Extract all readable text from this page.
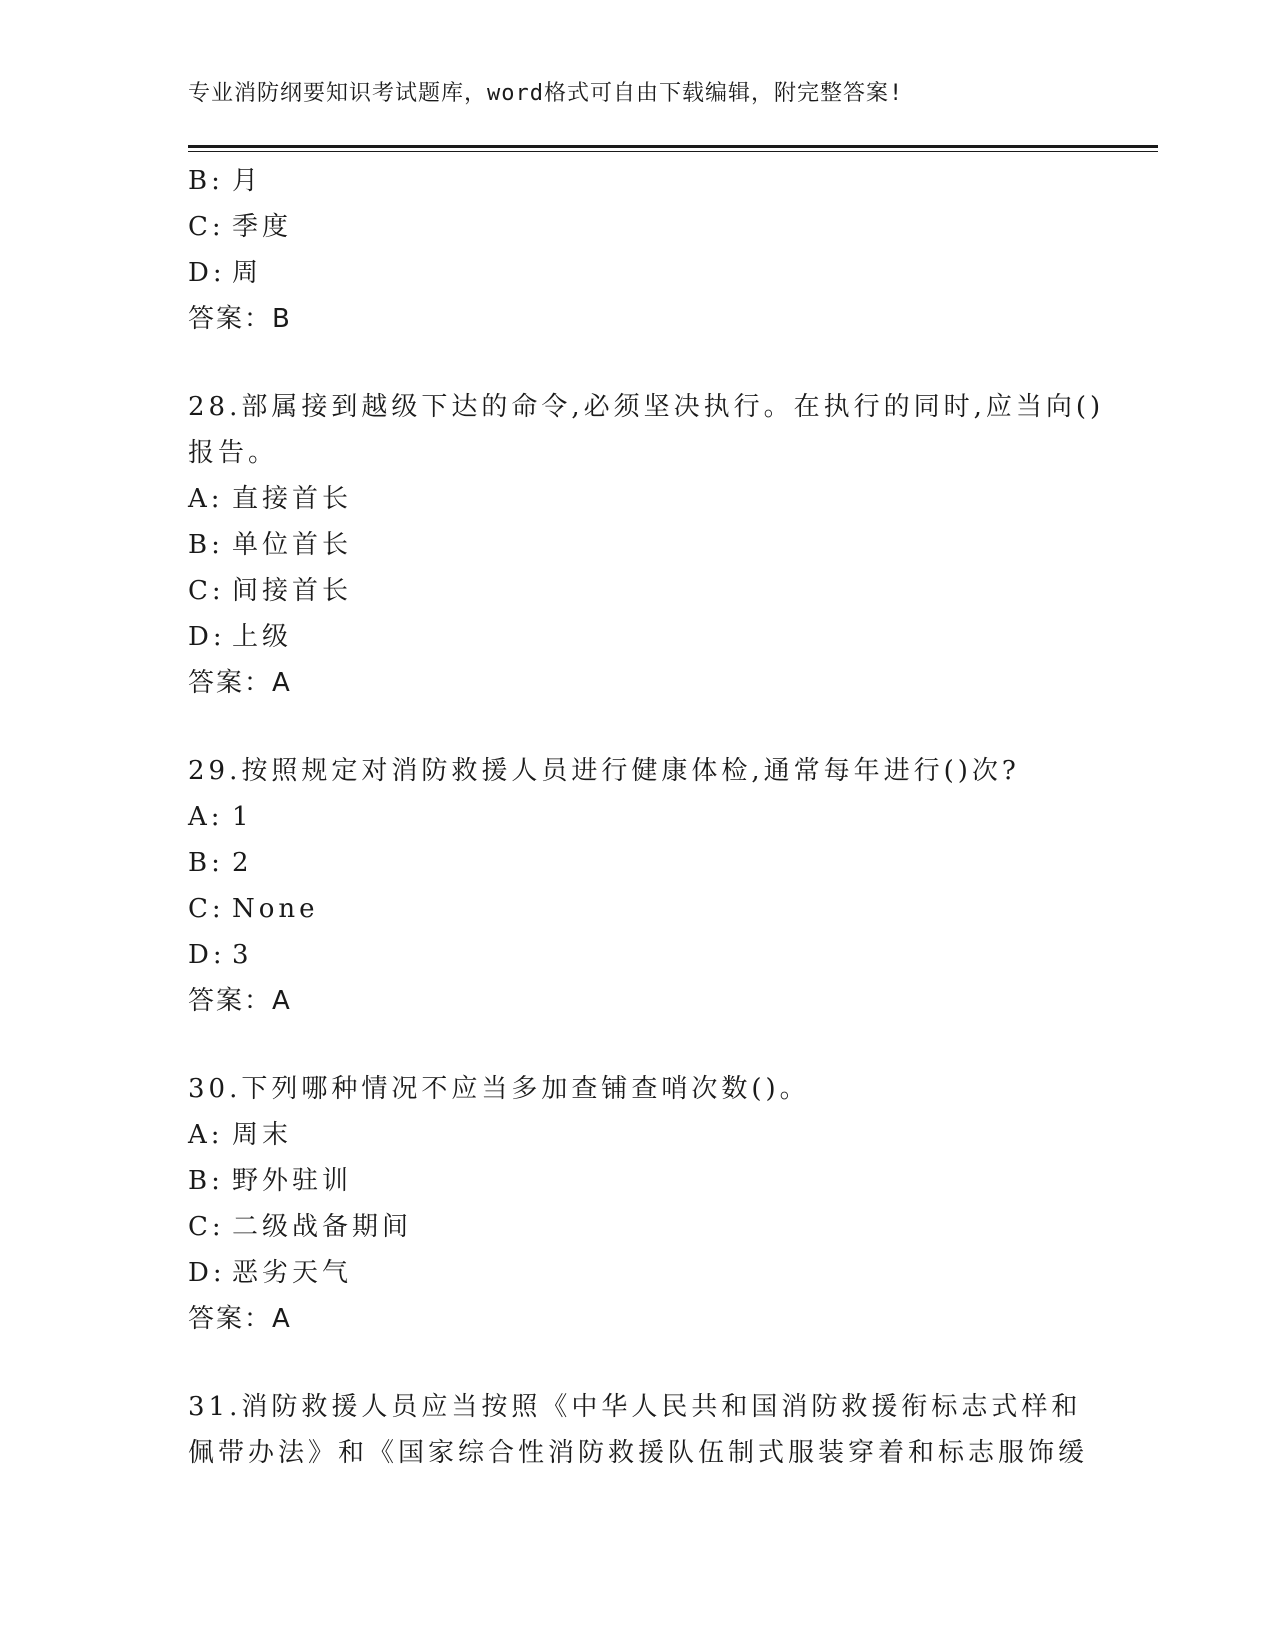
专业消防纲要知识考试题库，word格式可自由下载编辑，附完整答案!
B: 月
C: 季度
D: 周
答案：B
28.部属接到越级下达的命令,必须坚决执行。在执行的同时,应当向()
报告。
A: 直接首长
B: 单位首长
C: 间接首长
D: 上级
答案：A
29.按照规定对消防救援人员进行健康体检,通常每年进行()次?
A: 1
B: 2
C: None
D: 3
答案：A
30.下列哪种情况不应当多加查铺查哨次数()。
A: 周末
B: 野外驻训
C: 二级战备期间
D: 恶劣天气
答案：A
31.消防救援人员应当按照《中华人民共和国消防救援衔标志式样和
佩带办法》和《国家综合性消防救援队伍制式服装穿着和标志服饰缓
